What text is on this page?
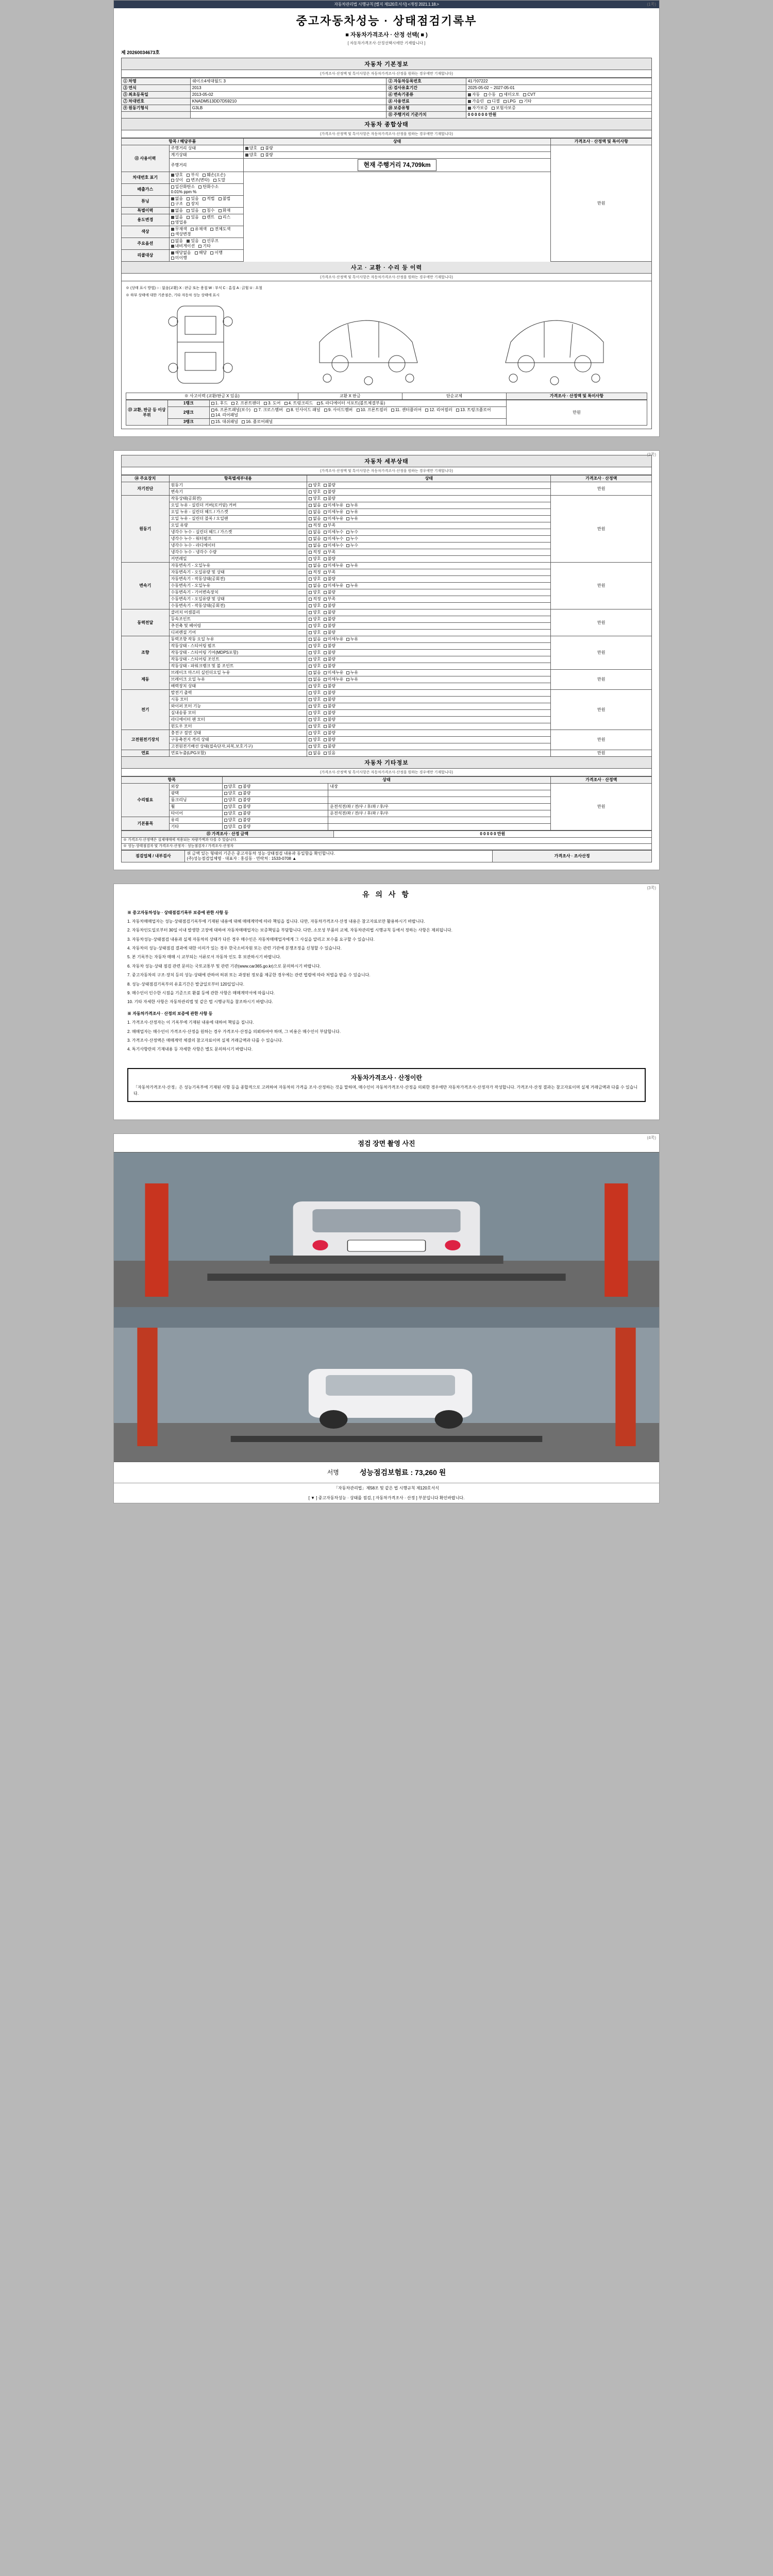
(1쪽)
자동차관리법 시행규칙 [별지 제120호서식] <개정 2021.1.18.>
중고자동차성능 · 상태점검기록부
■ 자동차가격조사 · 산정 선택( ■ )
[ 자동차가격조사·산정선택시에만 기재합니다 ]
제 20260034673호
자동차 기본정보
(가격조사·산정액 및 특이사항은 자동차가격조사·산정을 원하는 경우에만 기재합니다)
① 차명	쉐이소4세대월드 3	② 자동차등록번호	41가07222
③ 연식	2013	④ 검사유효기간	2025-05-02 ~ 2027-05-01
⑤ 최초등록일	2013-05-02	⑥ 변속기종류	자동 수동 세미오토 CVT
⑦ 차대번호	KNADM513DD7D59210	⑧ 사용연료	가솔린 디젤 LPG 기타
⑨ 원동기형식	G3LB	⑩ 보증유형	자가보증 보험사보증
		⑪ 주행거리 기준가치	0 0 0 0 0 0 만원
자동차 종합상태
(가격조사·산정액 및 특이사항은 자동차가격조사·산정을 원하는 경우에만 기재합니다)
항목 / 해당부품		상태	가격조사 · 산정액 및 특이사항
⑫ 사용이력	주행거리 상태	양호 불량	만원
	계기상태	양호 불량	
	주행거리	현재 주행거리 74,709km	
차대번호 표기	양호 부식 훼손(오손) 상이 변조(변타) 도말		
배출가스	일산화탄소 탄화수소 0.01% ppm %		
튜닝	없음 있음 적법 불법 구조 장치		
특별이력	없음 있음 침수 화재		
용도변경	없음 있음 렌트 리스 영업용		
색상	무채색 유채색 전체도색 색상변경		
주요옵션	없음 있음 선루프 내비게이션 기타		
리콜대상	해당없음 해당 이행 미이행		
사고 · 교환 · 수리 등 이력
(가격조사·산정액 및 특이사항은 자동차가격조사·산정을 원하는 경우에만 기재합니다)
※ (상태 표시 방법) ○ : 없음(교환) X : 판금 또는 용접 W : 부식 C : 흠집 A : 긁힘 U : 요철
※ 하부 상태에 대한 기준점은, 기타 자동차 성능 상태에 표시
※ 사고이력 (교환/판금 X 있음)	교환 X 판금	단순교체	가격조사 · 산정액 및 특이사항
⑬ 교환, 판금 등 이상 부위	1랭크	1. 후드 2. 프론트팬더 3. 도어 4. 트렁크리드 5. 라디에이터 서포트(볼트체결부품)	만원
	2랭크	6. 프론트패널(보수) 7. 크로스멤버 8. 인사이드 패널 9. 사이드멤버 10. 프론트필러 11. 센터플러어 12. 리어필러 13. 트렁크플로어 14. 리어패널	
	3랭크	15. 대쉬패널 16. 플로어패널	
(2쪽)
자동차 세부상태
(가격조사·산정액 및 특이사항은 자동차가격조사·산정을 원하는 경우에만 기재합니다)
⑭ 주요장치	항목별세부내용	상태	가격조사 · 산정액
자기진단	원동기	양호 불량	만원
	변속기	양호 불량	
원동기	작동상태(공회전)	양호 불량	만원
	오일 누유 - 실린더 커버(로커암) 커버	없음 미세누유 누유	
	오일 누유 - 실린더 헤드 / 가스켓	없음 미세누유 누유	
	오일 누유 - 실린더 블록 / 오일팬	없음 미세누유 누유	
	오일 유량	적정 부족	
	냉각수 누수 - 실린더 헤드 / 가스켓	없음 미세누수 누수	
	냉각수 누수 - 워터펌프	없음 미세누수 누수	
	냉각수 누수 - 라디에이터	없음 미세누수 누수	
	냉각수 누수 - 냉각수 수량	적정 부족	
	커먼레일	양호 불량	
변속기	자동변속기 - 오일누유	없음 미세누유 누유	만원
	자동변속기 - 오일유량 및 상태	적정 부족	
	자동변속기 - 작동상태(공회전)	양호 불량	
	수동변속기 - 오일누유	없음 미세누유 누유	
	수동변속기 - 기어변속장치	양호 불량	
	수동변속기 - 오일유량 및 상태	적정 부족	
	수동변속기 - 작동상태(공회전)	양호 불량	
동력전달	클러치 어셈블리	양호 불량	만원
	등속조인트	양호 불량	
	추진축 및 베어링	양호 불량	
	디퍼렌셜 기어	양호 불량	
조향	동력조향 작동 오일 누유	없음 미세누유 누유	만원
	작동상태 - 스티어링 펌프	양호 불량	
	작동상태 - 스티어링 기어(MDPS포함)	양호 불량	
	작동상태 - 스티어링 조인트	양호 불량	
	작동상태 - 파워크랭크 및 볼 조인트	양호 불량	
제동	브레이크 마스터 실린더오일 누유	없음 미세누유 누유	만원
	브레이크 오일 누유	없음 미세누유 누유	
	배력장치 상태	양호 불량	
전기	발전기 출력	양호 불량	만원
	시동 모터	양호 불량	
	와이퍼 모터 기능	양호 불량	
	실내송풍 모터	양호 불량	
	라디에이터 팬 모터	양호 불량	
	윈도우 모터	양호 불량	
고전원전기장치	충전구 절연 상태	양호 불량	만원
	구동축전지 격리 상태	양호 불량	
	고전원전기배선 상태(접속단자,피복,보호기구)	양호 불량	
연료	연료누출(LPG포함)	없음 있음	만원
자동차 기타정보
(가격조사·산정액 및 특이사항은 자동차가격조사·산정을 원하는 경우에만 기재합니다)
항목		상태		가격조사 · 산정액
수리필요	외장	양호 불량	내장	만원
	광택	양호 불량		
	룸크리닝	양호 불량		
	휠	양호 불량	운전석전/좌 / 전/우 / 후/좌 / 후/우	
	타이어	양호 불량	운전석전/좌 / 전/우 / 후/좌 / 후/우	
기본품목	유리	양호 불량		
	기타	양호 불량		
⑮ 가격조사 · 산정 금액	0 0 0 0 0 만원
※ 가격조사·산정액은 실제매매에 적용되는 차량가액과 다를 수 있습니다.
※ 성능·상태점검자 및 가격조사·산정자 : 성능점검자 / 가격조사·산정자
점검업체 / 내부검사	
위 금액 있는 형태의 기준은 중고자동차 성능·상태점검 내용과 동일함을 확인합니다.
(주)성능점검업체명 · 대표자 : 홍길동 · 연락처 : 1533-0708 ▲
	가격조사 · 조사산정
(3쪽)
유 의 사 항
※ 중고자동차성능 · 상태점검기록부 보증에 관한 사항 등

1. 자동차매매업자는 성능·상태점검기록부에 기재된 내용에 대해 매매계약에 따라 책임을 집니다. 다만, 자동차가격조사·산정 내용은 참고자료로만 활용하시기 바랍니다.

2. 자동차인도일로부터 30일 이내 발생한 고장에 대하여 자동차매매업자는 보증책임을 부담합니다. 다만, 소모성 부품의 교체, 자동차관리법 시행규칙 등에서 정하는 사항은 제외됩니다.

3. 자동차성능·상태점검 내용과 실제 자동차의 상태가 다른 경우 매수인은 자동차매매업자에게 그 사실을 알리고 보수를 요구할 수 있습니다.

4. 자동차의 성능·상태점검 결과에 대한 이의가 있는 경우 한국소비자원 또는 관련 기관에 분쟁조정을 신청할 수 있습니다.

5. 본 기록부는 자동차 매매 시 교부되는 서류로서 자동차 인도 후 보관하시기 바랍니다.

6. 자동차 성능·상태 점검 관련 문의는 국토교통부 및 관련 기관(www.car365.go.kr)으로 문의하시기 바랍니다.

7. 중고자동차의 구조·장치 등의 성능·상태에 관하여 허위 또는 과장된 정보를 제공한 경우에는 관련 법령에 따라 처벌을 받을 수 있습니다.

8. 성능·상태점검기록부의 유효기간은 발급일로부터 120일입니다.

9. 매수인이 인수한 시점을 기준으로 환불 등에 관한 사항은 매매계약서에 따릅니다.

10. 기타 자세한 사항은 자동차관리법 및 같은 법 시행규칙을 참조하시기 바랍니다.

※ 자동차가격조사 · 산정의 보증에 관한 사항 등

1. 가격조사·산정자는 이 기록부에 기재된 내용에 대하여 책임을 집니다.

2. 매매업자는 매수인이 가격조사·산정을 원하는 경우 가격조사·산정을 의뢰하여야 하며, 그 비용은 매수인이 부담합니다.

3. 가격조사·산정액은 매매계약 체결의 참고자료이며 실제 거래금액과 다를 수 있습니다.

4. 특기사항란의 기재내용 등 자세한 사항은 별도 문의하시기 바랍니다.

자동차가격조사 · 산정이란
「자동차가격조사·산정」은 성능기록부에 기재된 사항 등을 종합적으로 고려하여 자동차의 가격을 조사·산정하는 것을 말하며, 매수인이 자동차가격조사·산정을 의뢰한 경우에만 자동차가격조사·산정자가 작성합니다. 가격조사·산정 결과는 참고자료이며 실제 거래금액과 다를 수 있습니다.
(4쪽)
점검 장면 촬영 사진
서명	성능점검보험료 : 73,260 원
「자동차관리법」제58조 및 같은 법 시행규칙 제120호서식
[ ▼ ] 중고자동차성능 · 상태를 점검, [ 자동차가격조사 · 산정 ] 부분입니다 확인바랍니다.
